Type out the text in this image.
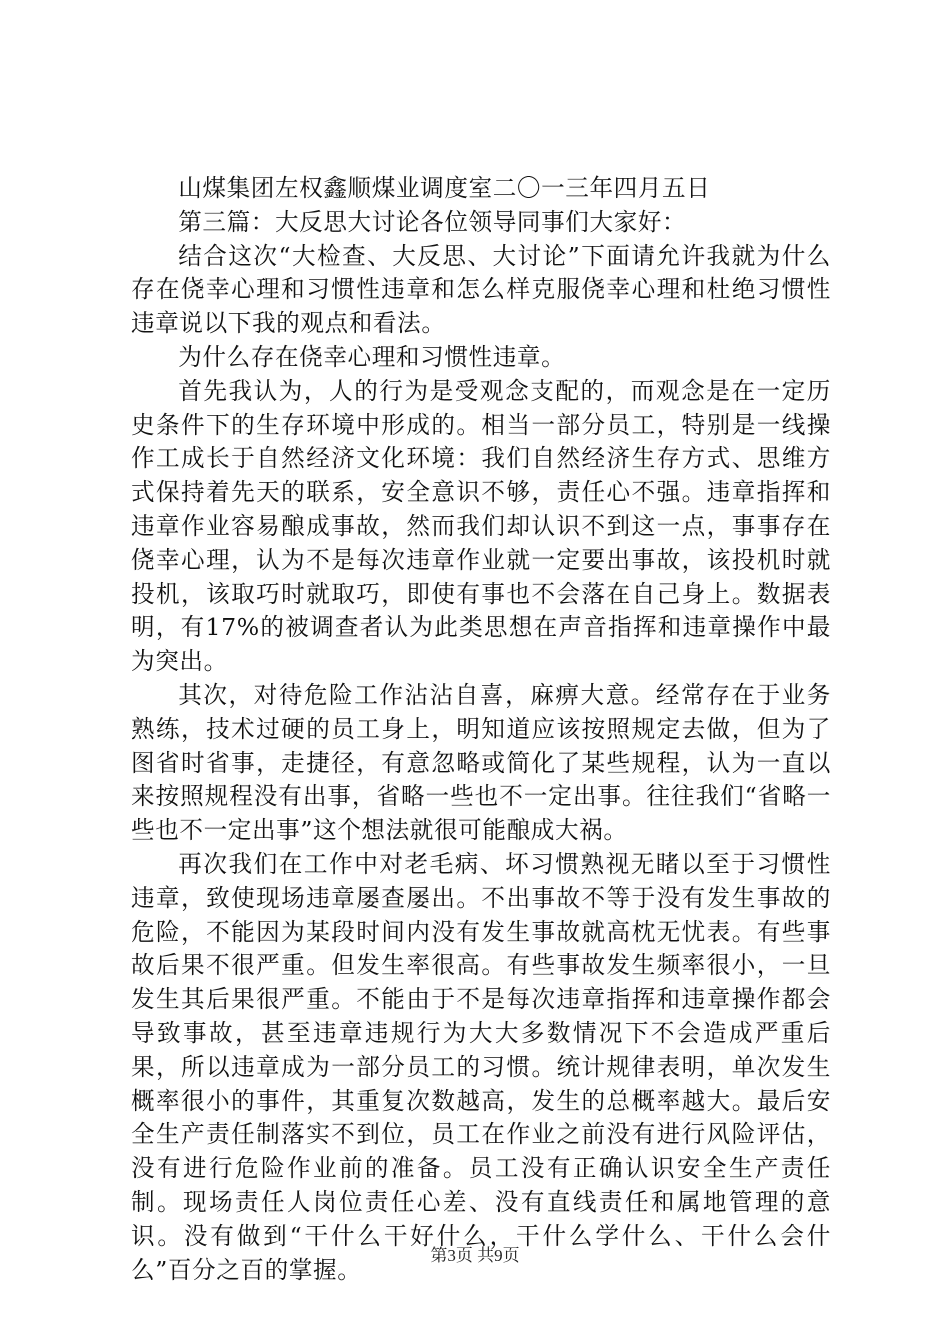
山煤集团左权鑫顺煤业调度室二〇一三年四月五日

第三篇：大反思大讨论各位领导同事们大家好：

结合这次“大检查、大反思、大讨论”下面请允许我就为什么存在侥幸心理和习惯性违章和怎么样克服侥幸心理和杜绝习惯性违章说以下我的观点和看法。

为什么存在侥幸心理和习惯性违章。

首先我认为，人的行为是受观念支配的，而观念是在一定历史条件下的生存环境中形成的。相当一部分员工，特别是一线操作工成长于自然经济文化环境：我们自然经济生存方式、思维方式保持着先天的联系，安全意识不够，责任心不强。违章指挥和违章作业容易酿成事故，然而我们却认识不到这一点，事事存在侥幸心理，认为不是每次违章作业就一定要出事故，该投机时就投机，该取巧时就取巧，即使有事也不会落在自己身上。数据表明，有17%的被调查者认为此类思想在声音指挥和违章操作中最为突出。

其次，对待危险工作沾沾自喜，麻痹大意。经常存在于业务熟练，技术过硬的员工身上，明知道应该按照规定去做，但为了图省时省事，走捷径，有意忽略或简化了某些规程，认为一直以来按照规程没有出事，省略一些也不一定出事。往往我们“省略一些也不一定出事”这个想法就很可能酿成大祸。

再次我们在工作中对老毛病、坏习惯熟视无睹以至于习惯性违章，致使现场违章屡查屡出。不出事故不等于没有发生事故的危险，不能因为某段时间内没有发生事故就高枕无忧表。有些事故后果不很严重。但发生率很高。有些事故发生频率很小，一旦发生其后果很严重。不能由于不是每次违章指挥和违章操作都会导致事故，甚至违章违规行为大大多数情况下不会造成严重后果，所以违章成为一部分员工的习惯。统计规律表明，单次发生概率很小的事件，其重复次数越高，发生的总概率越大。最后安全生产责任制落实不到位，员工在作业之前没有进行风险评估，没有进行危险作业前的准备。员工没有正确认识安全生产责任制。现场责任人岗位责任心差、没有直线责任和属地管理的意识。没有做到“干什么干好什么，干什么学什么、干什么会什么”百分之百的掌握。	第3页 共9页
